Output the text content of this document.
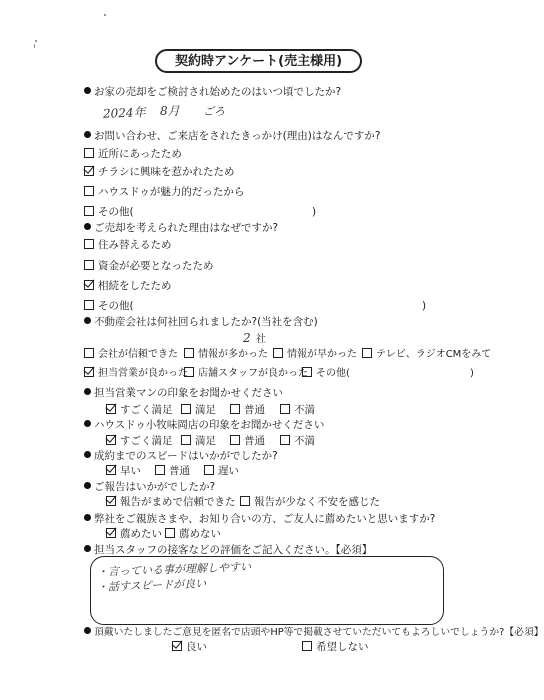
契約時アンケート(売主様用)
お家の売却をご検討され始めたのはいつ頃でしたか?
2024年 8月 ごろ
お問い合わせ、ご来店をされたきっかけ(理由)はなんですか?
近所にあったため
チラシに興味を惹かれたため
ハウスドゥが魅力的だったから
その他(	)
ご売却を考えられた理由はなぜですか?
住み替えるため
資金が必要となったため
相続をしたため
その他(	)
不動産会社は何社回られましたか?(当社を含む)
2 社
会社が信頼できた	情報が多かった	情報が早かった	テレビ、ラジオCMをみて
担当営業が良かった	店舗スタッフが良かった その他(	)
担当営業マンの印象をお聞かせください
すごく満足	満足	普通	不満
ハウスドゥ小牧味岡店の印象をお聞かせください
すごく満足	満足	普通	不満
成約までのスピードはいかがでしたか?
早い	普通	遅い
ご報告はいかがでしたか?
報告がまめで信頼できた	報告が少なく不安を感じた
弊社をご親族さまや、お知り合いの方、ご友人に薦めたいと思いますか?
薦めたい	薦めない
担当スタッフの接客などの評価をご記入ください。【必須】
・言っている事が理解しやすい
・話すスピードが良い
頂戴いたしましたご意見を匿名で店頭やHP等で掲載させていただいてもよろしいでしょうか?【必須】
良い	希望しない
